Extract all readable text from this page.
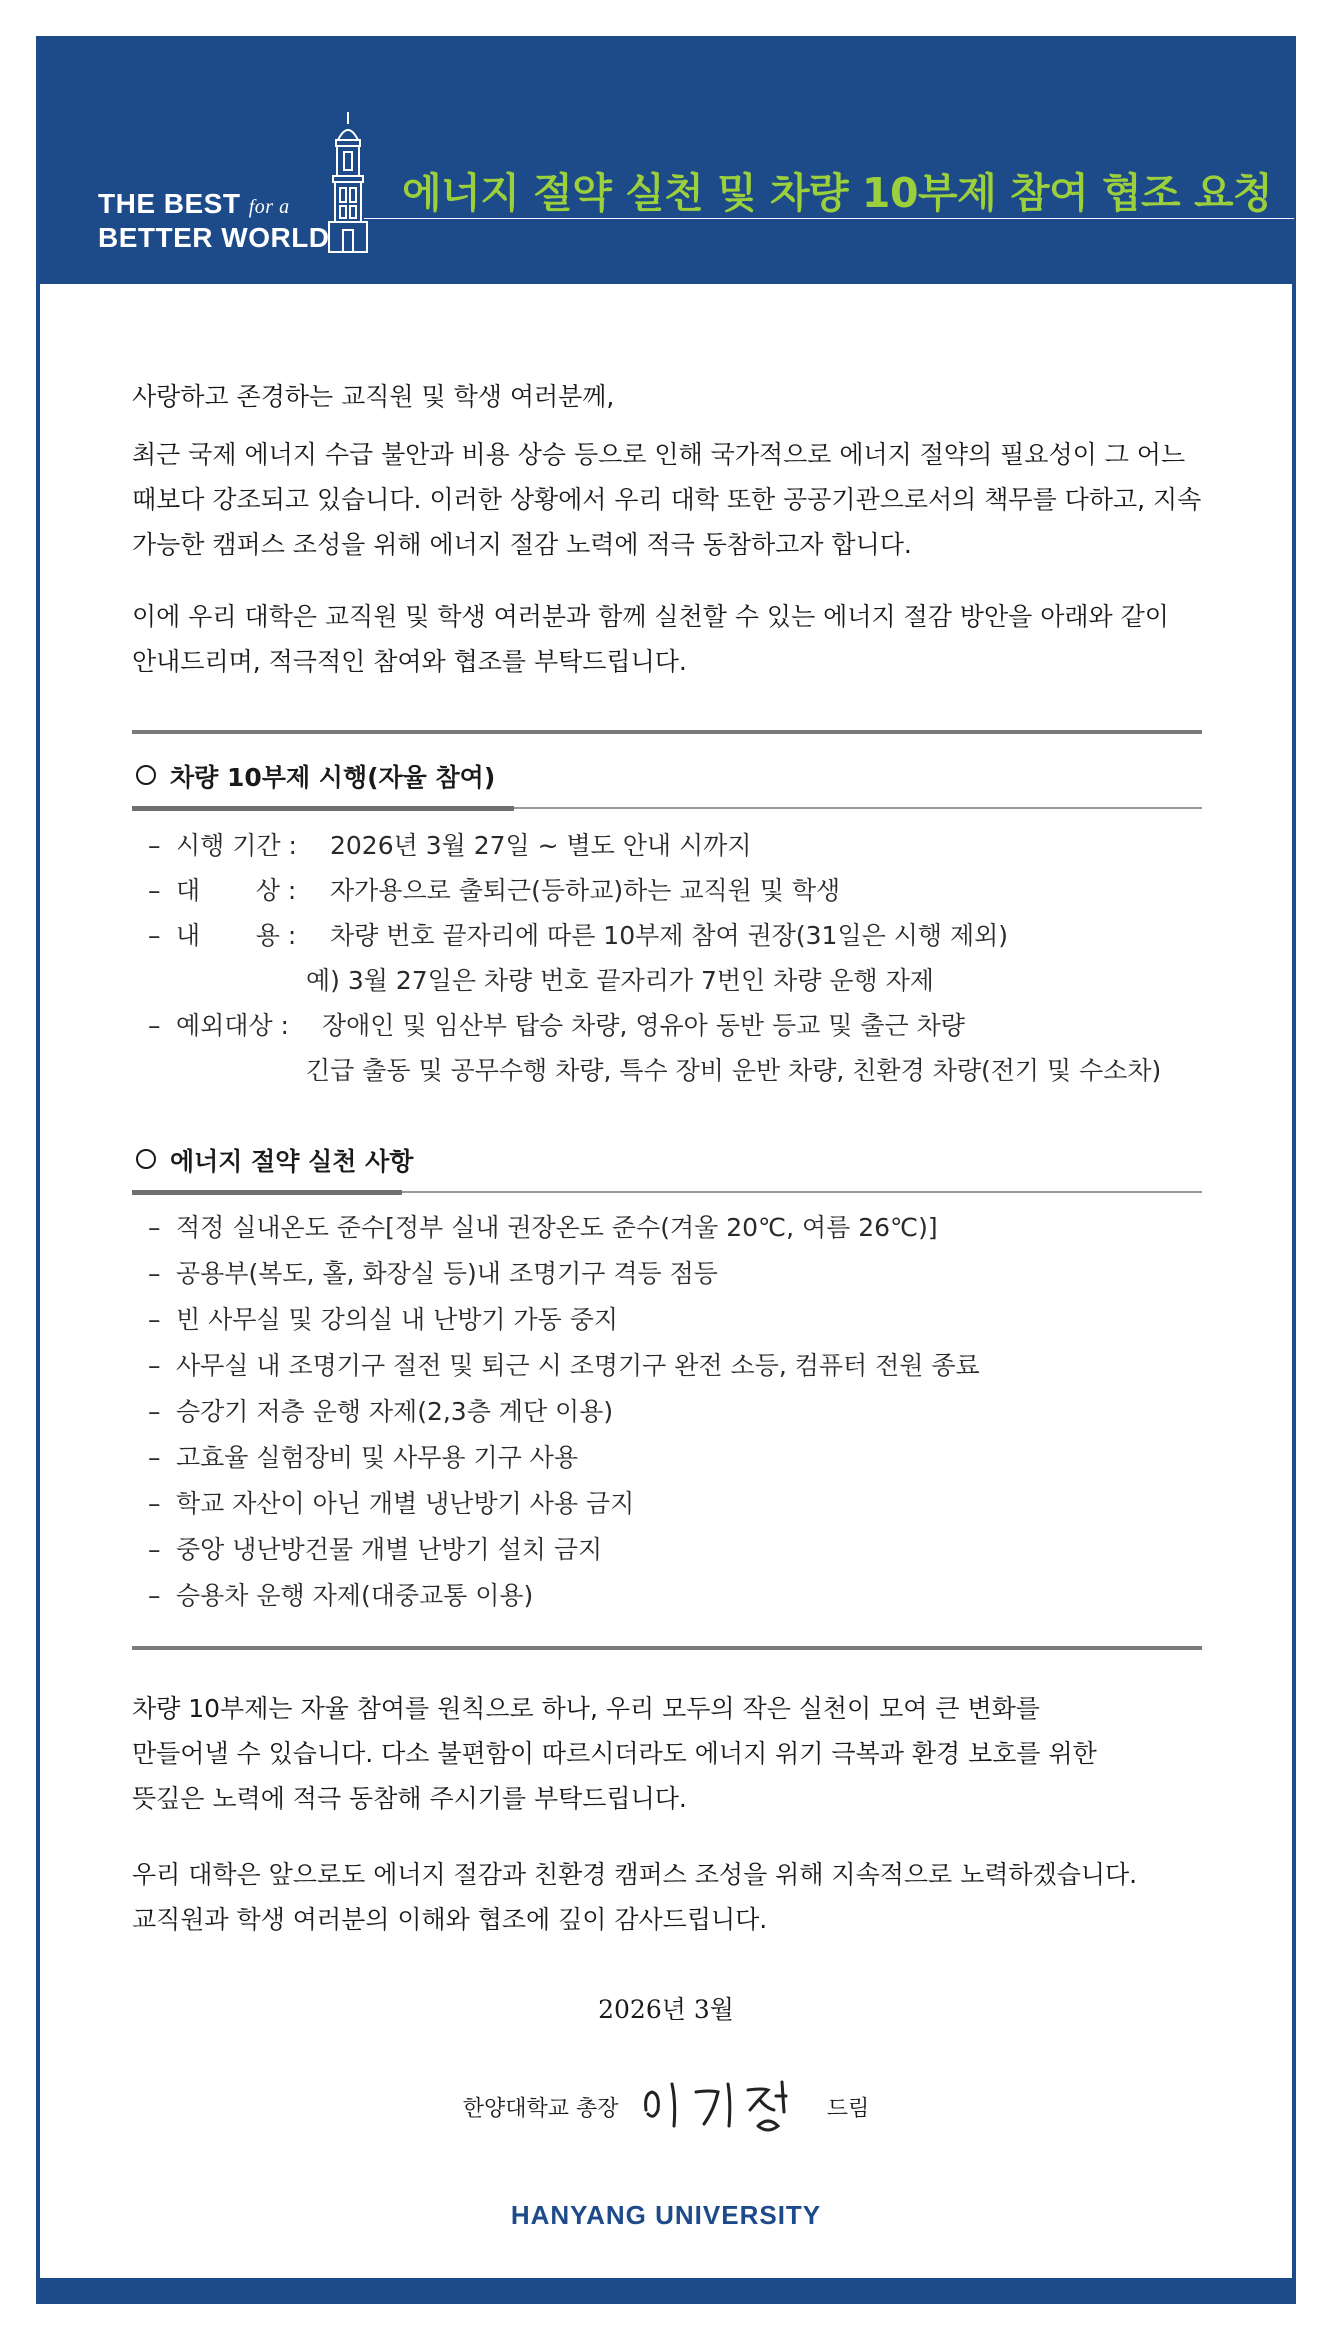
THE BEST for a
BETTER WORLD
에너지 절약 실천 및 차량 10부제 참여 협조 요청
사랑하고 존경하는 교직원 및 학생 여러분께,
최근 국제 에너지 수급 불안과 비용 상승 등으로 인해 국가적으로 에너지 절약의 필요성이 그 어느
때보다 강조되고 있습니다. 이러한 상황에서 우리 대학 또한 공공기관으로서의 책무를 다하고, 지속
가능한 캠퍼스 조성을 위해 에너지 절감 노력에 적극 동참하고자 합니다.
이에 우리 대학은 교직원 및 학생 여러분과 함께 실천할 수 있는 에너지 절감 방안을 아래와 같이
안내드리며, 적극적인 참여와 협조를 부탁드립니다.
차량 10부제 시행(자율 참여)
– 시행 기간 : 2026년 3월 27일 ~ 별도 안내 시까지
– 대       상 : 자가용으로 출퇴근(등하교)하는 교직원 및 학생
– 내       용 : 차량 번호 끝자리에 따른 10부제 참여 권장(31일은 시행 제외)
예) 3월 27일은 차량 번호 끝자리가 7번인 차량 운행 자제
– 예외대상 : 장애인 및 임산부 탑승 차량, 영유아 동반 등교 및 출근 차량
긴급 출동 및 공무수행 차량, 특수 장비 운반 차량, 친환경 차량(전기 및 수소차)
에너지 절약 실천 사항
– 적정 실내온도 준수[정부 실내 권장온도 준수(겨울 20℃, 여름 26℃)]
– 공용부(복도, 홀, 화장실 등)내 조명기구 격등 점등
– 빈 사무실 및 강의실 내 난방기 가동 중지
– 사무실 내 조명기구 절전 및 퇴근 시 조명기구 완전 소등, 컴퓨터 전원 종료
– 승강기 저층 운행 자제(2,3층 계단 이용)
– 고효율 실험장비 및 사무용 기구 사용
– 학교 자산이 아닌 개별 냉난방기 사용 금지
– 중앙 냉난방건물 개별 난방기 설치 금지
– 승용차 운행 자제(대중교통 이용)
차량 10부제는 자율 참여를 원칙으로 하나, 우리 모두의 작은 실천이 모여 큰 변화를
만들어낼 수 있습니다. 다소 불편함이 따르시더라도 에너지 위기 극복과 환경 보호를 위한
뜻깊은 노력에 적극 동참해 주시기를 부탁드립니다.
우리 대학은 앞으로도 에너지 절감과 친환경 캠퍼스 조성을 위해 지속적으로 노력하겠습니다.
교직원과 학생 여러분의 이해와 협조에 깊이 감사드립니다.
2026년 3월
한양대학교 총장	드림
HANYANG UNIVERSITY
